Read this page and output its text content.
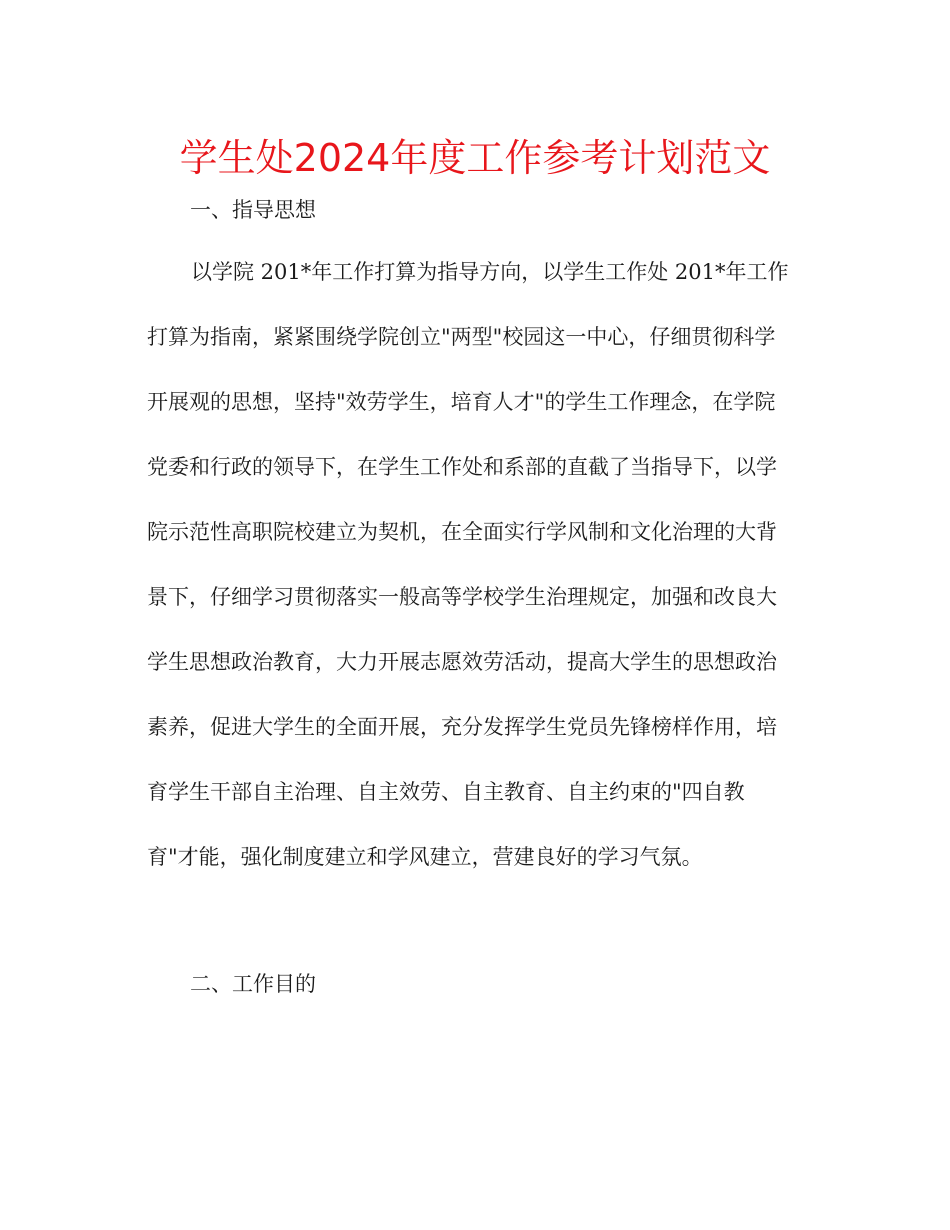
学生处2024年度工作参考计划范文
一、指导思想
以学院 201*年工作打算为指导方向，以学生工作处 201*年工作
打算为指南，紧紧围绕学院创立"两型"校园这一中心，仔细贯彻科学
开展观的思想，坚持"效劳学生，培育人才"的学生工作理念，在学院
党委和行政的领导下，在学生工作处和系部的直截了当指导下，以学
院示范性高职院校建立为契机，在全面实行学风制和文化治理的大背
景下，仔细学习贯彻落实一般高等学校学生治理规定，加强和改良大
学生思想政治教育，大力开展志愿效劳活动，提高大学生的思想政治
素养，促进大学生的全面开展，充分发挥学生党员先锋榜样作用，培
育学生干部自主治理、自主效劳、自主教育、自主约束的"四自教
育"才能，强化制度建立和学风建立，营建良好的学习气氛。
二、工作目的
